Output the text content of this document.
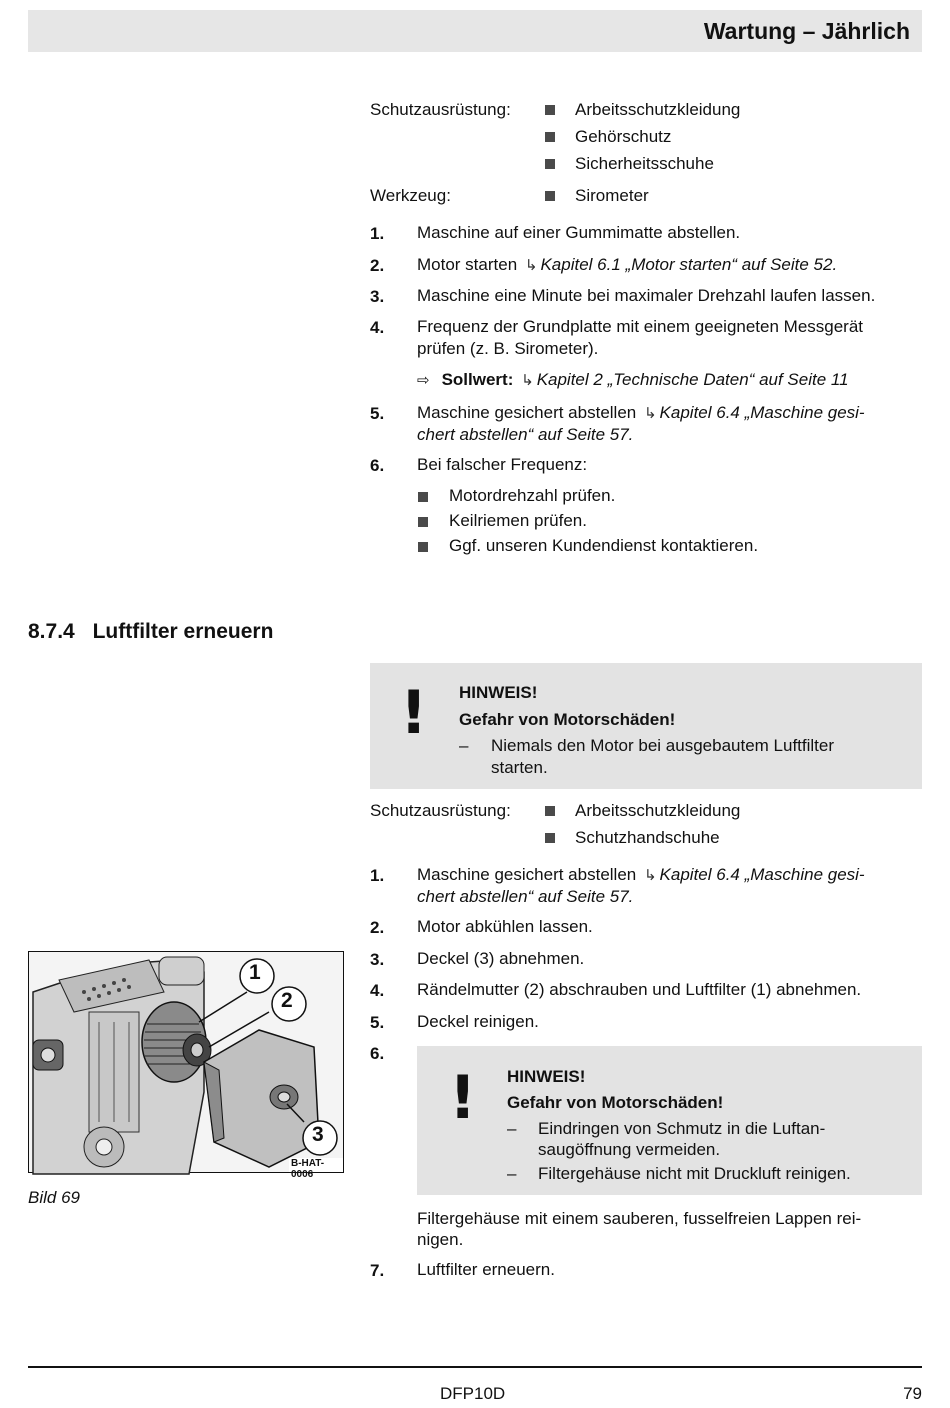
Wartung – Jährlich
Schutzausrüstung:	Arbeitsschutzkleidung
Gehörschutz
Sicherheitsschuhe
Werkzeug:	Sirometer
1. Maschine auf einer Gummimatte abstellen.
2. Motor starten ↳ Kapitel 6.1 „Motor starten“ auf Seite 52.
3. Maschine eine Minute bei maximaler Drehzahl laufen lassen.
4. Frequenz der Grundplatte mit einem geeigneten Messgerät
prüfen (z. B. Sirometer).
⇨ Sollwert: ↳ Kapitel 2 „Technische Daten“ auf Seite 11
5. Maschine gesichert abstellen ↳ Kapitel 6.4 „Maschine gesi-
chert abstellen“ auf Seite 57.
6. Bei falscher Frequenz:
Motordrehzahl prüfen.
Keilriemen prüfen.
Ggf. unseren Kundendienst kontaktieren.
8.7.4 Luftfilter erneuern
! HINWEIS!
Gefahr von Motorschäden!
– Niemals den Motor bei ausgebautem Luftfilter
starten.
Schutzausrüstung:	Arbeitsschutzkleidung
Schutzhandschuhe
1. Maschine gesichert abstellen ↳ Kapitel 6.4 „Maschine gesi-
chert abstellen“ auf Seite 57.
2. Motor abkühlen lassen.
3. Deckel (3) abnehmen.
4. Rändelmutter (2) abschrauben und Luftfilter (1) abnehmen.
5. Deckel reinigen.
6.
! HINWEIS!
Gefahr von Motorschäden!
– Eindringen von Schmutz in die Luftan-
saugöffnung vermeiden.
– Filtergehäuse nicht mit Druckluft reinigen.
Filtergehäuse mit einem sauberen, fusselfreien Lappen rei-
nigen.
7. Luftfilter erneuern.
1
2
3
B-HAT-0006
Bild 69
DFP10D	79
